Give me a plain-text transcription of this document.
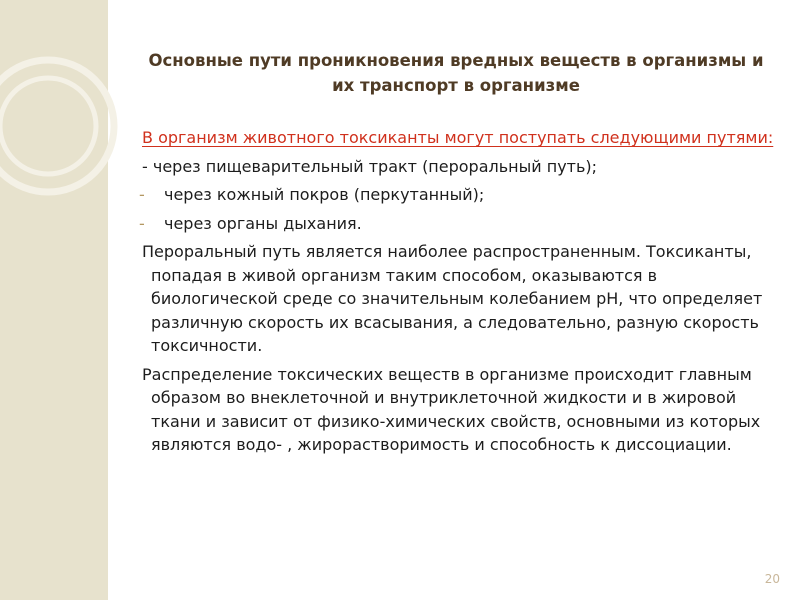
Основные пути проникновения вредных веществ в организмы и
их транспорт в организме
В организм животного токсиканты могут поступать следующими путями:
- через пищеварительный тракт (пероральный путь);
- через кожный покров (перкутанный);
- через органы дыхания.
Пероральный путь является наиболее распространенным. Токсиканты, попадая в живой организм таким способом, оказываются в биологической среде со значительным колебанием рН, что определяет различную скорость их всасывания, а следовательно, разную скорость токсичности.
Распределение токсических веществ в организме происходит главным образом во внеклеточной и внутриклеточной жидкости и в жировой ткани и зависит от физико-химических свойств, основными из которых являются водо- , жирорастворимость и способность к диссоциации.
20
